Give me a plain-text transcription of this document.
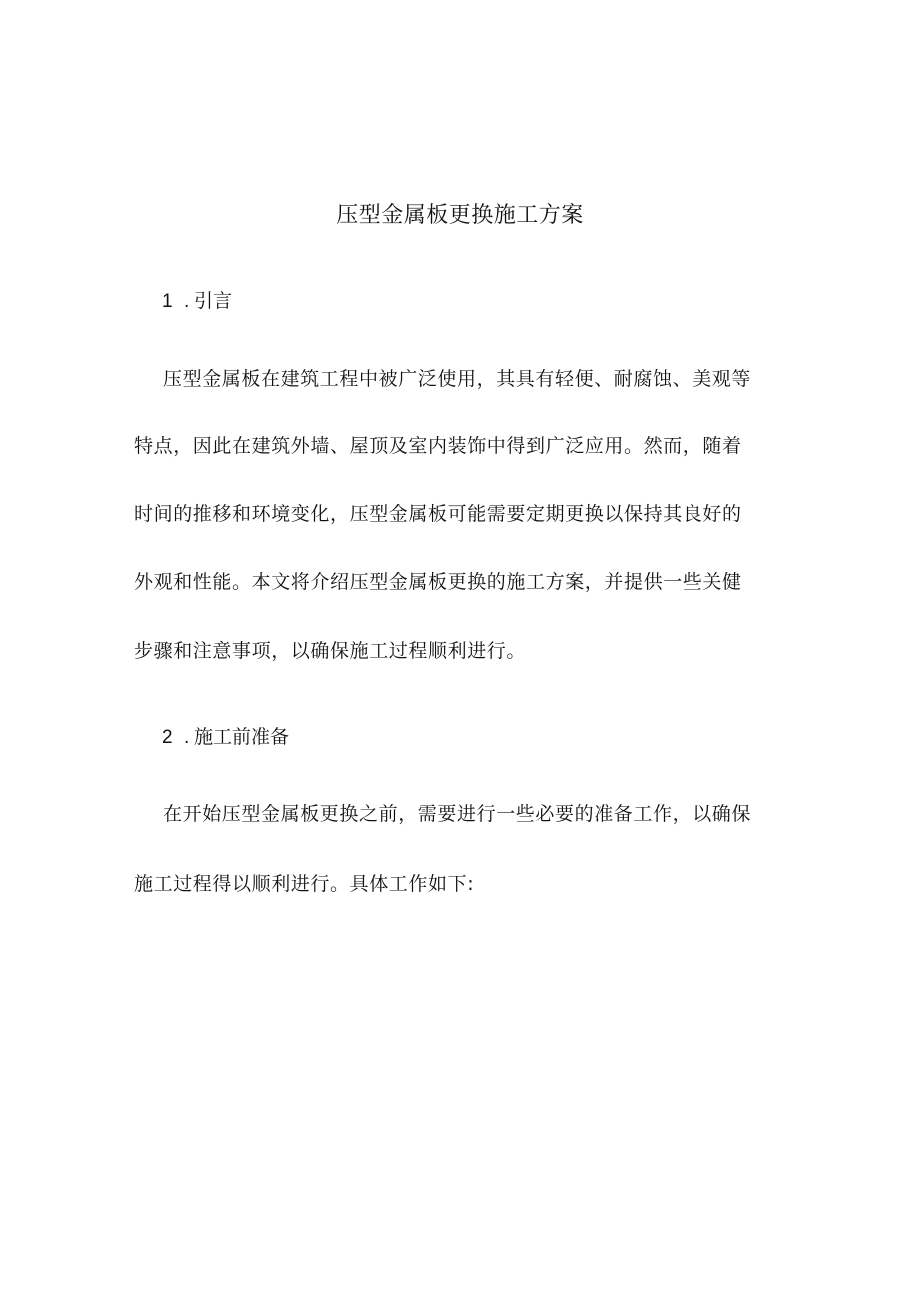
压型金属板更换施工方案
1 . 引言
压型金属板在建筑工程中被广泛使用，其具有轻便、耐腐蚀、美观等
特点，因此在建筑外墙、屋顶及室内装饰中得到广泛应用。然而，随着
时间的推移和环境变化，压型金属板可能需要定期更换以保持其良好的
外观和性能。本文将介绍压型金属板更换的施工方案，并提供一些关健
步骤和注意事项，以确保施工过程顺利进行。
2 . 施工前准备
在开始压型金属板更换之前，需要进行一些必要的准备工作，以确保
施工过程得以顺利进行。具体工作如下:
